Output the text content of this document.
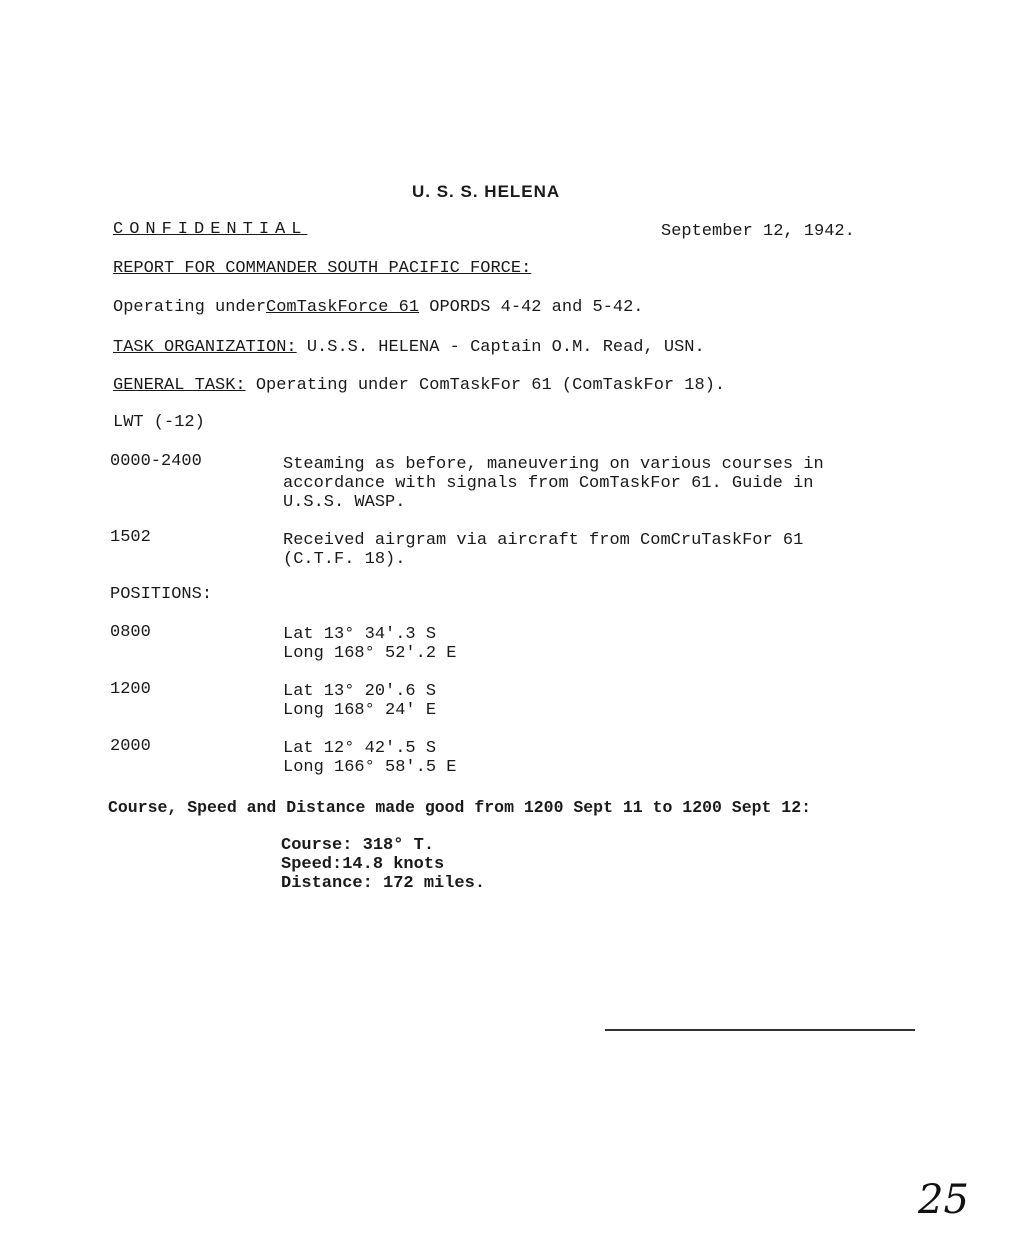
U. S. S. HELENA
CONFIDENTIAL	September 12, 1942.
REPORT FOR COMMANDER SOUTH PACIFIC FORCE:
Operating underComTaskForce 61 OPORDS 4-42 and 5-42.
TASK ORGANIZATION: U.S.S. HELENA - Captain O.M. Read, USN.
GENERAL TASK: Operating under ComTaskFor 61 (ComTaskFor 18).
LWT (-12)
0000-2400	Steaming as before, maneuvering on various courses in
accordance with signals from ComTaskFor 61. Guide in
U.S.S. WASP.
1502	Received airgram via aircraft from ComCruTaskFor 61
(C.T.F. 18).
POSITIONS:
0800	Lat 13° 34'.3 S
Long 168° 52'.2 E
1200	Lat 13° 20'.6 S
Long 168° 24' E
2000	Lat 12° 42'.5 S
Long 166° 58'.5 E
Course, Speed and Distance made good from 1200 Sept 11 to 1200 Sept 12:
Course: 318° T.
Speed:14.8 knots
Distance: 172 miles.
25
